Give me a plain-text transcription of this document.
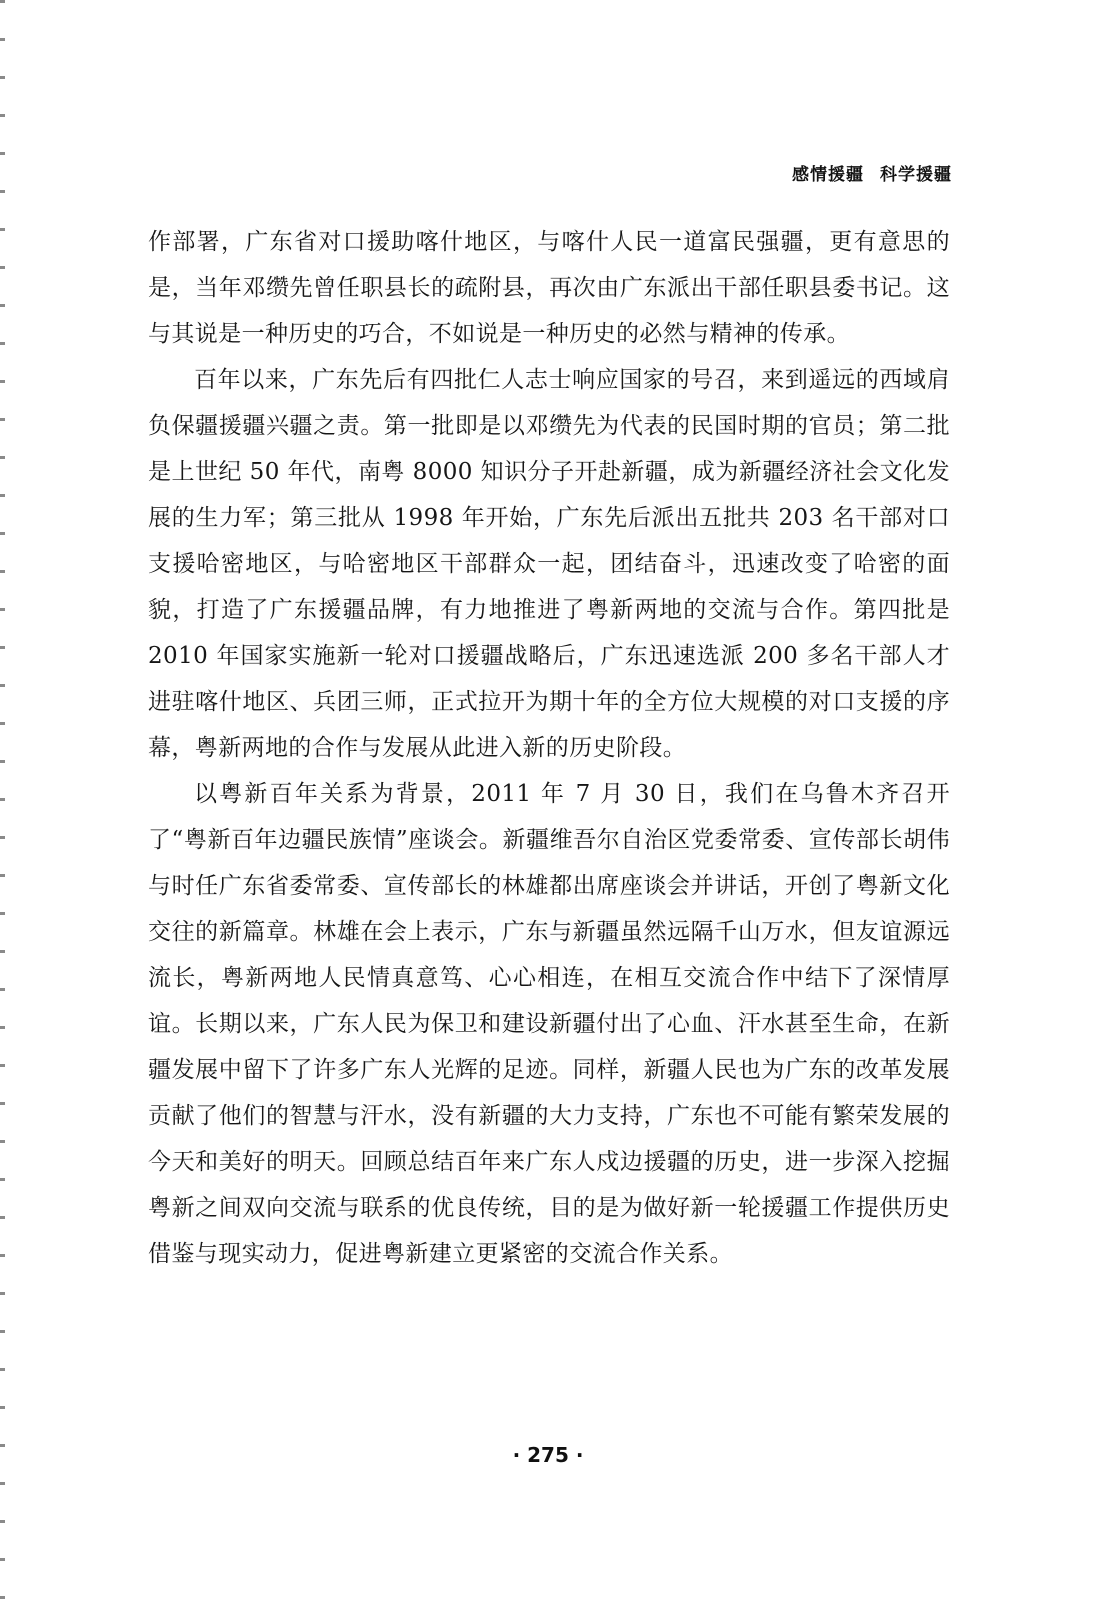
感情援疆 科学援疆

作部署，广东省对口援助喀什地区，与喀什人民一道富民强疆，更有意思的是，当年邓缵先曾任职县长的疏附县，再次由广东派出干部任职县委书记。这与其说是一种历史的巧合，不如说是一种历史的必然与精神的传承。

百年以来，广东先后有四批仁人志士响应国家的号召，来到遥远的西域肩负保疆援疆兴疆之责。第一批即是以邓缵先为代表的民国时期的官员；第二批是上世纪 50 年代，南粤 8000 知识分子开赴新疆，成为新疆经济社会文化发展的生力军；第三批从 1998 年开始，广东先后派出五批共 203 名干部对口支援哈密地区，与哈密地区干部群众一起，团结奋斗，迅速改变了哈密的面貌，打造了广东援疆品牌，有力地推进了粤新两地的交流与合作。第四批是 2010 年国家实施新一轮对口援疆战略后，广东迅速选派 200 多名干部人才进驻喀什地区、兵团三师，正式拉开为期十年的全方位大规模的对口支援的序幕，粤新两地的合作与发展从此进入新的历史阶段。

以粤新百年关系为背景，2011 年 7 月 30 日，我们在乌鲁木齐召开了“粤新百年边疆民族情”座谈会。新疆维吾尔自治区党委常委、宣传部长胡伟与时任广东省委常委、宣传部长的林雄都出席座谈会并讲话，开创了粤新文化交往的新篇章。林雄在会上表示，广东与新疆虽然远隔千山万水，但友谊源远流长，粤新两地人民情真意笃、心心相连，在相互交流合作中结下了深情厚谊。长期以来，广东人民为保卫和建设新疆付出了心血、汗水甚至生命，在新疆发展中留下了许多广东人光辉的足迹。同样，新疆人民也为广东的改革发展贡献了他们的智慧与汗水，没有新疆的大力支持，广东也不可能有繁荣发展的今天和美好的明天。回顾总结百年来广东人戍边援疆的历史，进一步深入挖掘粤新之间双向交流与联系的优良传统，目的是为做好新一轮援疆工作提供历史借鉴与现实动力，促进粤新建立更紧密的交流合作关系。

· 275 ·
